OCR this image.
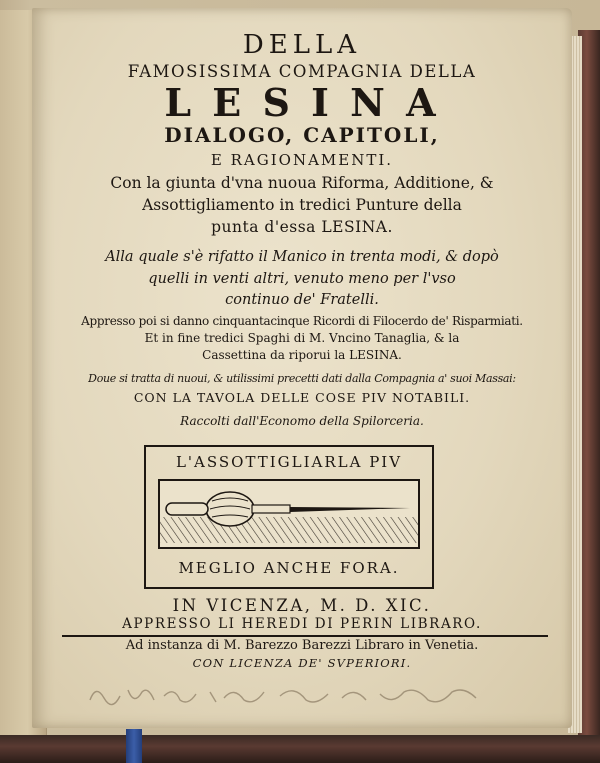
DELLA

FAMOSISSIMA COMPAGNIA DELLA

L E S I N A

DIALOGO, CAPITOLI,

E RAGIONAMENTI.

Con la giunta d'vna nuoua Riforma, Additione, &

Assottigliamento in tredici Punture della

punta d'essa LESINA.

Alla quale s'è rifatto il Manico in trenta modi, & dopò

quelli in venti altri, venuto meno per l'vso

continuo de' Fratelli.

Appresso poi si danno cinquantacinque Ricordi di Filocerdo de' Risparmiati.

Et in fine tredici Spaghi di M. Vncino Tanaglia, & la

Cassettina da riporui la LESINA.

Doue si tratta di nuoui, & utilissimi precetti dati dalla Compagnia a' suoi Massai:

CON LA TAVOLA DELLE COSE PIV NOTABILI.

Raccolti dall'Economo della Spilorceria.

L'ASSOTTIGLIARLA PIV
MEGLIO ANCHE FORA.

IN VICENZA, M. D. XIC.

APPRESSO LI HEREDI DI PERIN LIBRARO.

Ad instanza di M. Barezzo Barezzi Libraro in Venetia.

CON LICENZA DE' SVPERIORI.
